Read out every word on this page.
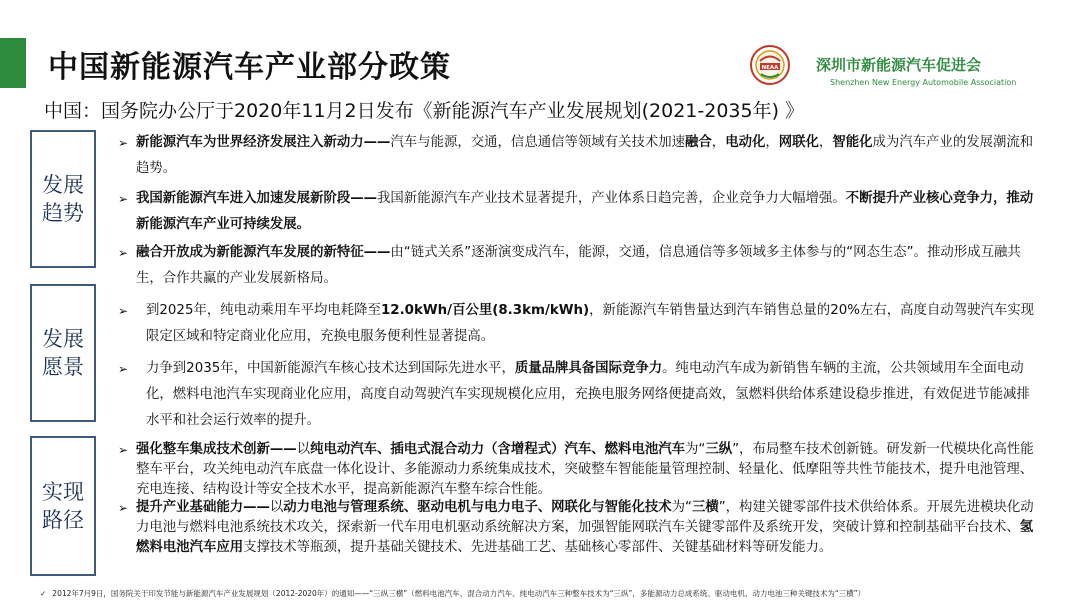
中国新能源汽车产业部分政策	NEAA	深圳市新能源汽车促进会
Shenzhen New Energy Automobile Association
中国：国务院办公厅于2020年11月2日发布《新能源汽车产业发展规划(2021-2035年) 》
发展
趋势
➢ 新能源汽车为世界经济发展注入新动力——汽车与能源，交通，信息通信等领域有关技术加速融合，电动化，网联化，智能化成为汽车产业的发展潮流和趋势。
➢ 我国新能源汽车进入加速发展新阶段——我国新能源汽车产业技术显著提升，产业体系日趋完善，企业竞争力大幅增强。不断提升产业核心竞争力，推动新能源汽车产业可持续发展。
➢ 融合开放成为新能源汽车发展的新特征——由“链式关系”逐渐演变成汽车，能源，交通，信息通信等多领域多主体参与的“网态生态”。推动形成互融共生，合作共赢的产业发展新格局。
发展
愿景
➢ 到2025年，纯电动乘用车平均电耗降至12.0kWh/百公里(8.3km/kWh)，新能源汽车销售量达到汽车销售总量的20%左右，高度自动驾驶汽车实现限定区域和特定商业化应用，充换电服务便利性显著提高。
➢ 力争到2035年，中国新能源汽车核心技术达到国际先进水平，质量品牌具备国际竞争力。纯电动汽车成为新销售车辆的主流，公共领域用车全面电动化，燃料电池汽车实现商业化应用，高度自动驾驶汽车实现规模化应用，充换电服务网络便捷高效，氢燃料供给体系建设稳步推进，有效促进节能减排水平和社会运行效率的提升。
实现
路径
➢ 强化整车集成技术创新——以纯电动汽车、插电式混合动力（含增程式）汽车、燃料电池汽车为“三纵”，布局整车技术创新链。研发新一代模块化高性能整车平台，攻关纯电动汽车底盘一体化设计、多能源动力系统集成技术，突破整车智能能量管理控制、轻量化、低摩阻等共性节能技术，提升电池管理、充电连接、结构设计等安全技术水平，提高新能源汽车整车综合性能。
➢ 提升产业基础能力——以动力电池与管理系统、驱动电机与电力电子、网联化与智能化技术为“三横”，构建关键零部件技术供给体系。开展先进模块化动力电池与燃料电池系统技术攻关，探索新一代车用电机驱动系统解决方案，加强智能网联汽车关键零部件及系统开发，突破计算和控制基础平台技术、氢燃料电池汽车应用支撑技术等瓶颈，提升基础关键技术、先进基础工艺、基础核心零部件、关键基础材料等研发能力。
✓ 2012年7月9日，国务院关于印发节能与新能源汽车产业发展规划（2012-2020年）的通知——“三纵三横”（燃料电池汽车、混合动力汽车、纯电动汽车三种整车技术为“三纵”，多能源动力总成系统、驱动电机、动力电池三种关键技术为“三横”）
